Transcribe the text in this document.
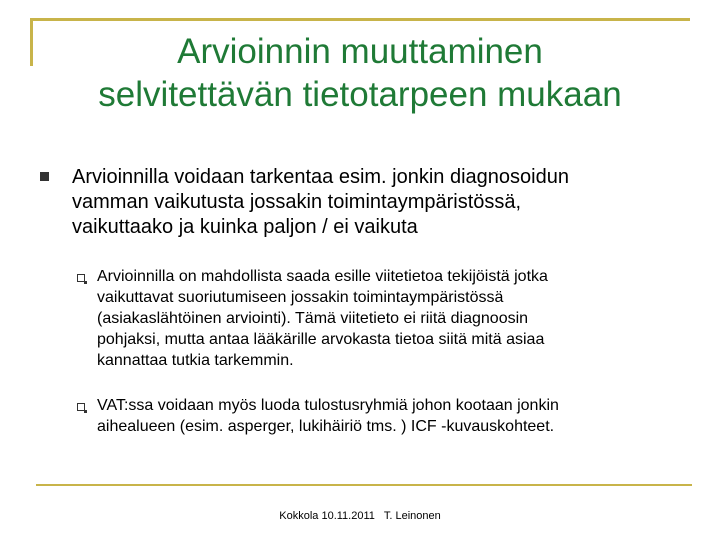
Arvioinnin muuttaminen
selvitettävän tietotarpeen mukaan
Arvioinnilla voidaan tarkentaa esim. jonkin diagnosoidun
vamman vaikutusta jossakin toimintaympäristössä,
vaikuttaako ja kuinka paljon / ei vaikuta
Arvioinnilla on mahdollista saada esille viitetietoa tekijöistä jotka
vaikuttavat suoriutumiseen jossakin toimintaympäristössä
(asiakaslähtöinen arviointi). Tämä viitetieto ei riitä diagnoosin
pohjaksi, mutta antaa lääkärille arvokasta tietoa siitä mitä asiaa
kannattaa tutkia tarkemmin.
VAT:ssa voidaan myös luoda tulostusryhmiä johon kootaan jonkin
aihealueen (esim. asperger, lukihäiriö tms. ) ICF -kuvauskohteet.
Kokkola 10.11.2011   T. Leinonen
